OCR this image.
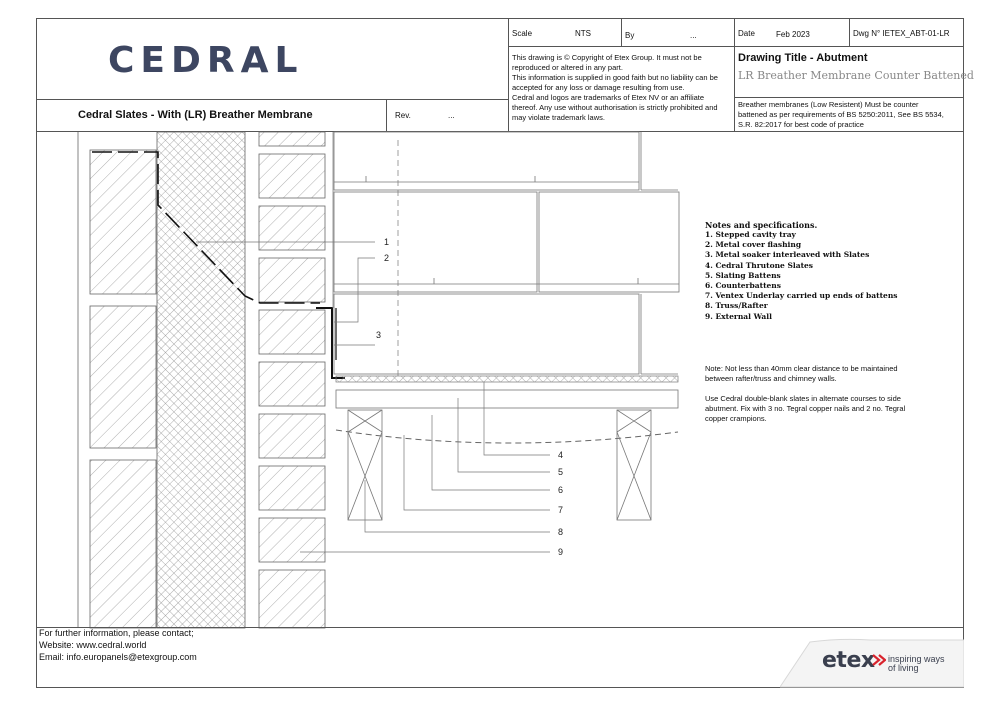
CEDRAL
Scale	NTS	By	...	Date	Feb 2023	Dwg N° IETEX_ABT-01-LR
This drawing is © Copyright of Etex Group. It must not be
reproduced or altered in any part.
This information is supplied in good faith but no liability can be
accepted for any loss or damage resulting from use.
Cedral and logos are trademarks of Etex NV or an affiliate
thereof. Any use without authorisation is strictly prohibited and
may violate trademark laws.
Drawing Title - Abutment
LR Breather Membrane Counter Battened
Cedral Slates - With (LR) Breather Membrane	Rev.	...
Breather membranes (Low Resistent) Must be counter
battened as per requirements of BS 5250:2011, See BS 5534,
S.R. 82:2017 for best code of practice
1
2
3
4
5
6
7
8
9
Notes and specifications.
1. Stepped cavity tray
2. Metal cover flashing
3. Metal soaker interleaved with Slates
4. Cedral Thrutone Slates
5. Slating Battens
6. Counterbattens
7. Ventex Underlay carried up ends of battens
8. Truss/Rafter
9. External Wall
Note: Not less than 40mm clear distance to be maintained
between rafter/truss and chimney walls.
Use Cedral double-blank slates in alternate courses to side
abutment. Fix with 3 no. Tegral copper nails and 2 no. Tegral
copper crampions.
For further information, please contact;
Website: www.cedral.world
Email: info.europanels@etexgroup.com	etex inspiring ways
of living
